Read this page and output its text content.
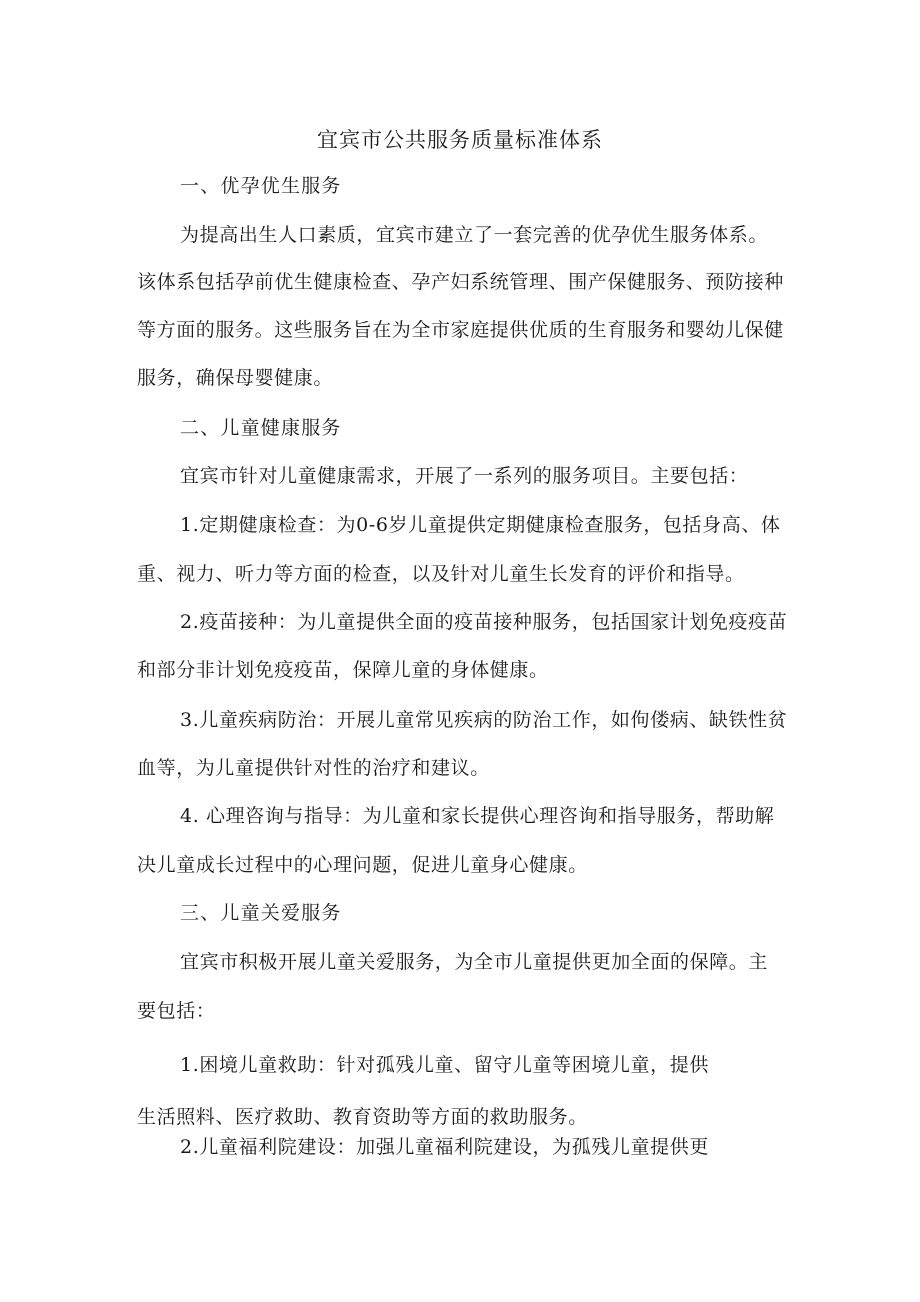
宜宾市公共服务质量标准体系
一、优孕优生服务
为提高出生人口素质，宜宾市建立了一套完善的优孕优生服务体系。
该体系包括孕前优生健康检查、孕产妇系统管理、围产保健服务、预防接种
等方面的服务。这些服务旨在为全市家庭提供优质的生育服务和婴幼儿保健
服务，确保母婴健康。
二、儿童健康服务
宜宾市针对儿童健康需求，开展了一系列的服务项目。主要包括：
1.定期健康检查：为0-6岁儿童提供定期健康检查服务，包括身高、体
重、视力、听力等方面的检查，以及针对儿童生长发育的评价和指导。
2.疫苗接种：为儿童提供全面的疫苗接种服务，包括国家计划免疫疫苗
和部分非计划免疫疫苗，保障儿童的身体健康。
3.儿童疾病防治：开展儿童常见疾病的防治工作，如佝偻病、缺铁性贫
血等，为儿童提供针对性的治疗和建议。
4. 心理咨询与指导：为儿童和家长提供心理咨询和指导服务，帮助解
决儿童成长过程中的心理问题，促进儿童身心健康。
三、儿童关爱服务
宜宾市积极开展儿童关爱服务，为全市儿童提供更加全面的保障。主
要包括：
1.困境儿童救助：针对孤残儿童、留守儿童等困境儿童，提供
生活照料、医疗救助、教育资助等方面的救助服务。
2.儿童福利院建设：加强儿童福利院建设，为孤残儿童提供更
